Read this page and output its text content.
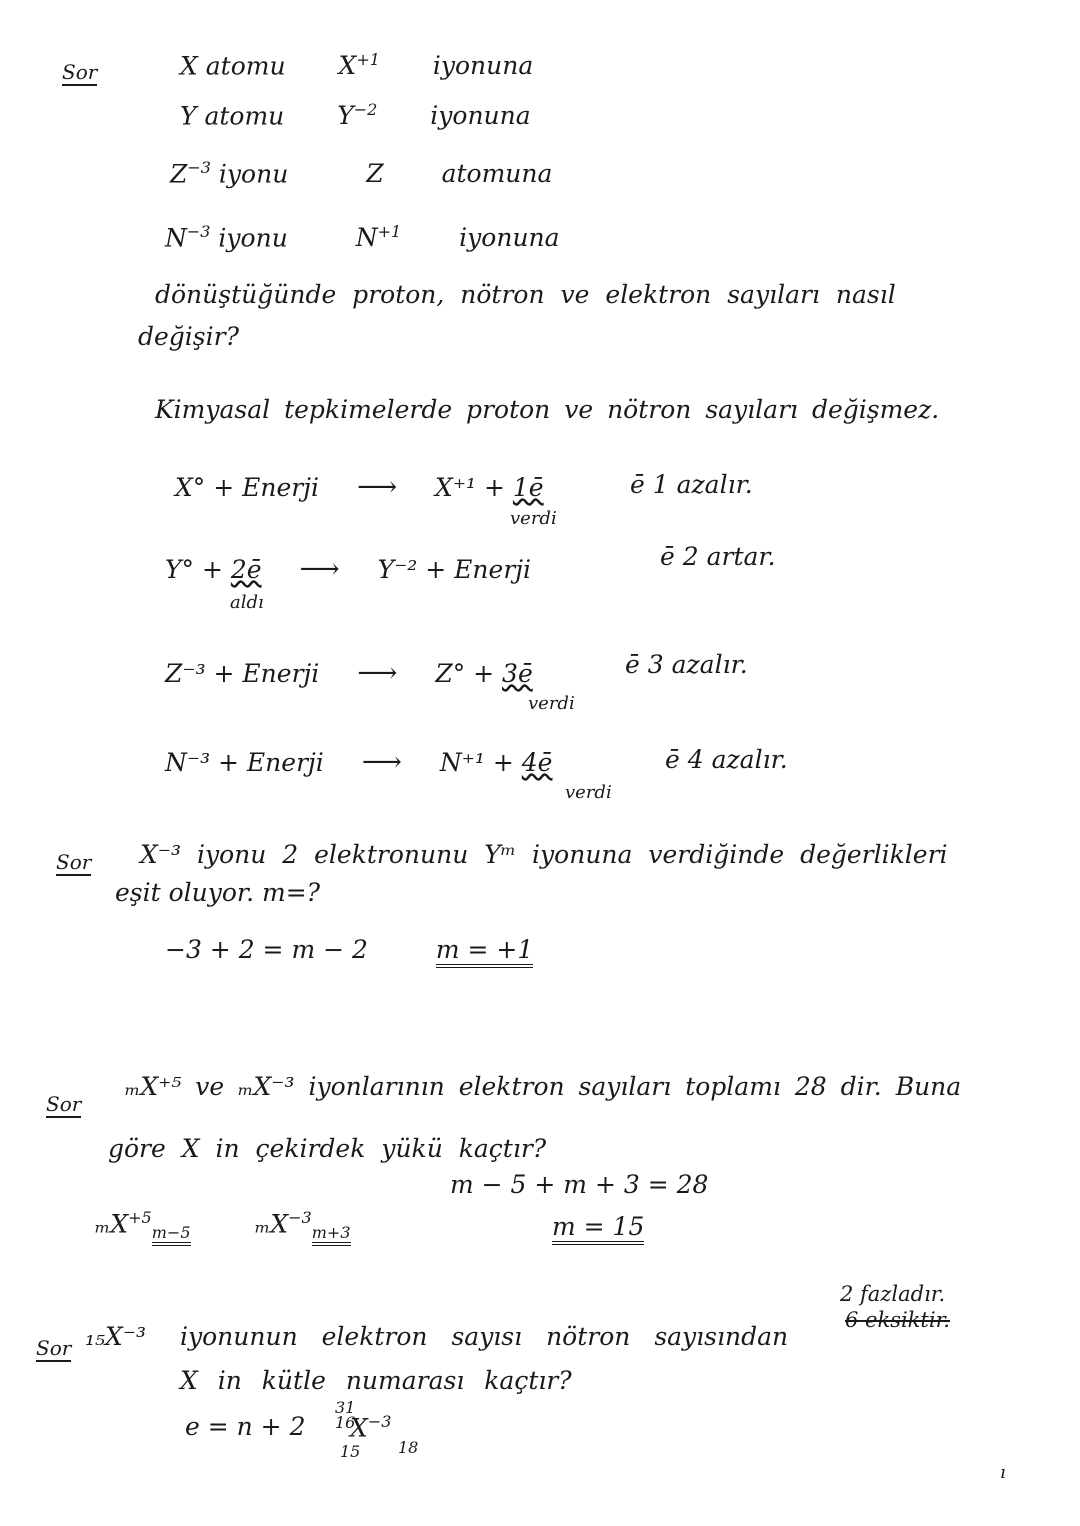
Sor	X atomu $X^{+1}$ iyonuna
Y atomu $Y^{-2}$ iyonuna
$Z^{-3}$ iyonu	Z atomuna
$N^{-3}$ iyonu	$N^{+1}$ iyonuna
dönüştüğünde proton, nötron ve elektron sayıları nasıl
değişir?
Kimyasal tepkimelerde proton ve nötron sayıları değişmez.
X° + Enerji ⟶ X⁺¹ + 1ē
verdi
ē 1 azalır.
Y° + 2ē ⟶ Y⁻² + Enerji
aldı
ē 2 artar.
Z⁻³ + Enerji ⟶ Z° + 3ē
verdi
ē 3 azalır.
N⁻³ + Enerji ⟶ N⁺¹ + 4ē
verdi
ē 4 azalır.
Sor X⁻³ iyonu 2 elektronunu Yᵐ iyonuna verdiğinde değerlikleri
eşit oluyor. m=?
−3 + 2 = m − 2	m = +1
Sor
ₘX⁺⁵ ve ₘX⁻³ iyonlarının elektron sayıları toplamı 28 dir. Buna
göre X in çekirdek yükü kaçtır?
m − 5 + m + 3 = 28
m = 15
ₘX$^{+5}_{m-5}$	ₘX$^{-3}_{m+3}$
Sor ₁₅X⁻³ iyonunun elektron sayısı nötron sayısından
2 fazladır.
6 eksiktir.
X in kütle numarası kaçtır?
e = n + 2
31
16
$X^{-3}$
15 18
ı
